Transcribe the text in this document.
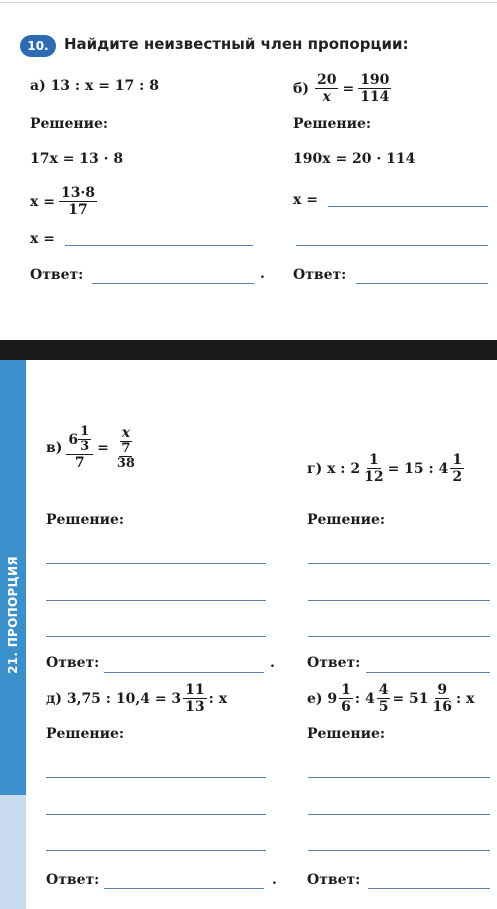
10.	Найдите неизвестный член пропорции:
а) 13 : x = 17 : 8
Решение:
17x = 13 · 8
$x = \frac{13\cdot 8}{17}$
x =
Ответ:	.
$б) \frac{20}{x} = \frac{190}{114}$
Решение:
190x = 20 · 114
x =
Ответ:
21. ПРОПОРЦИЯ
$в) \frac{6 \frac{1}{3}}{7} = \frac{x}{\frac{7}{38}}$
Решение:
Ответ:	.
г) x : $2 \frac{1}{12} = 15$ : $4 \frac{1}{2}$
Решение:
Ответ:
д) 3,75 : $10,4 = 3 \frac{11}{13}$ : x
Решение:
Ответ:	.
е) $9 \frac{1}{6}$ : $4 \frac{4}{5} = 51 \frac{9}{16}$ : x
Решение:
Ответ:
